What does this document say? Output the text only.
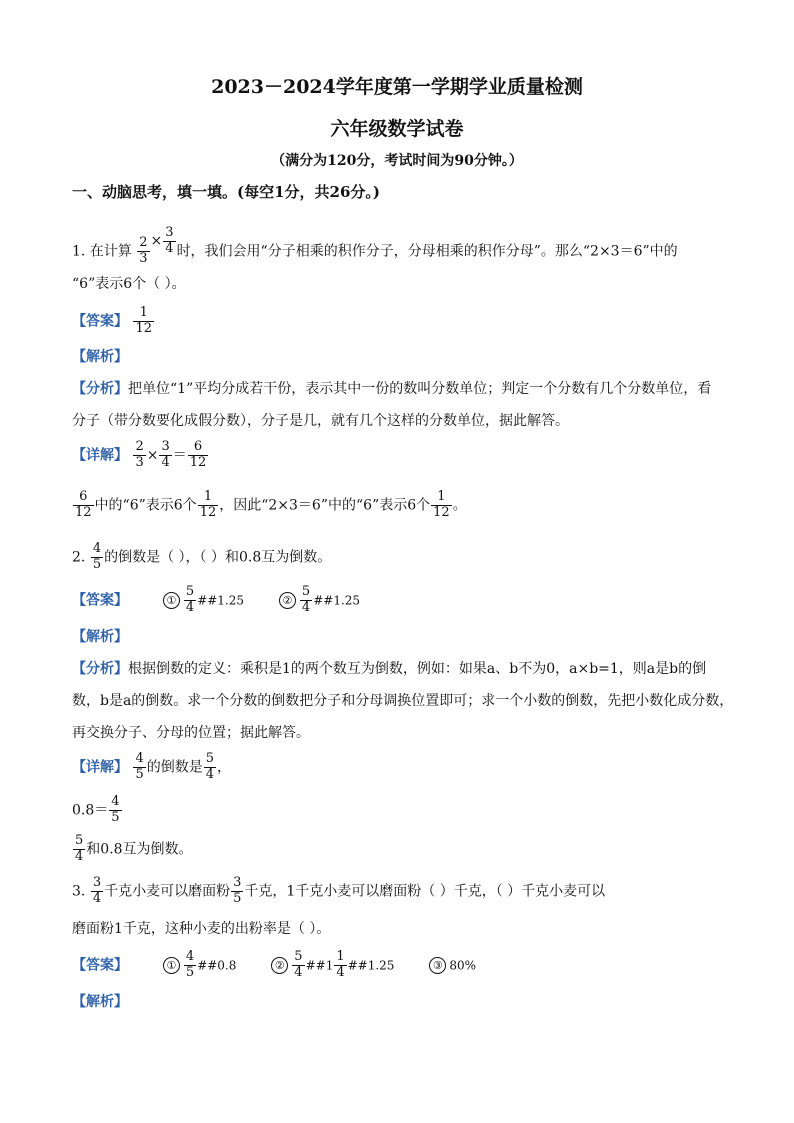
2023－2024学年度第一学期学业质量检测
六年级数学试卷
（满分为120分，考试时间为90分钟。）
一、动脑思考，填一填。(每空1分，共26分。)
1. 在计算 $\frac{2}{3} \times \frac{3}{4}$ 时，我们会用“分子相乘的积作分子，分母相乘的积作分母”。那么“2×3＝6”中的
“6”表示6个（ ）。
【答案】 $\frac{1}{12}$
【解析】
【分析】把单位“1”平均分成若干份，表示其中一份的数叫分数单位；判定一个分数有几个分数单位，看
分子（带分数要化成假分数），分子是几，就有几个这样的分数单位，据此解答。
【详解】 $\frac{2}{3} \times \frac{3}{4} = \frac{6}{12}$
$\frac{6}{12}$ 中的“6”表示6个 $\frac{1}{12}$ ，因此“2×3＝6”中的“6”表示6个 $\frac{1}{12}$ 。
2. $\frac{4}{5}$ 的倒数是（ ），（ ）和0.8互为倒数。
【答案】	① $\frac{5}{4}$ ##1.25	② $\frac{5}{4}$ ##1.25
【解析】
【分析】根据倒数的定义：乘积是1的两个数互为倒数，例如：如果a、b不为0，a×b=1，则a是b的倒
数，b是a的倒数。求一个分数的倒数把分子和分母调换位置即可；求一个小数的倒数，先把小数化成分数，
再交换分子、分母的位置；据此解答。
【详解】 $\frac{4}{5}$ 的倒数是 $\frac{5}{4}$ ，
$0.8= \frac{4}{5}$
$\frac{5}{4}$ 和0.8互为倒数。
3. $\frac{3}{4}$ 千克小麦可以磨面粉 $\frac{3}{5}$ 千克，1千克小麦可以磨面粉（ ）千克，（ ）千克小麦可以
磨面粉1千克，这种小麦的出粉率是（ ）。
【答案】	① $\frac{4}{5}$ ##0.8	② $\frac{5}{4}$ ##1 $\frac{1}{4}$ ##1.25	③ 80%
【解析】
